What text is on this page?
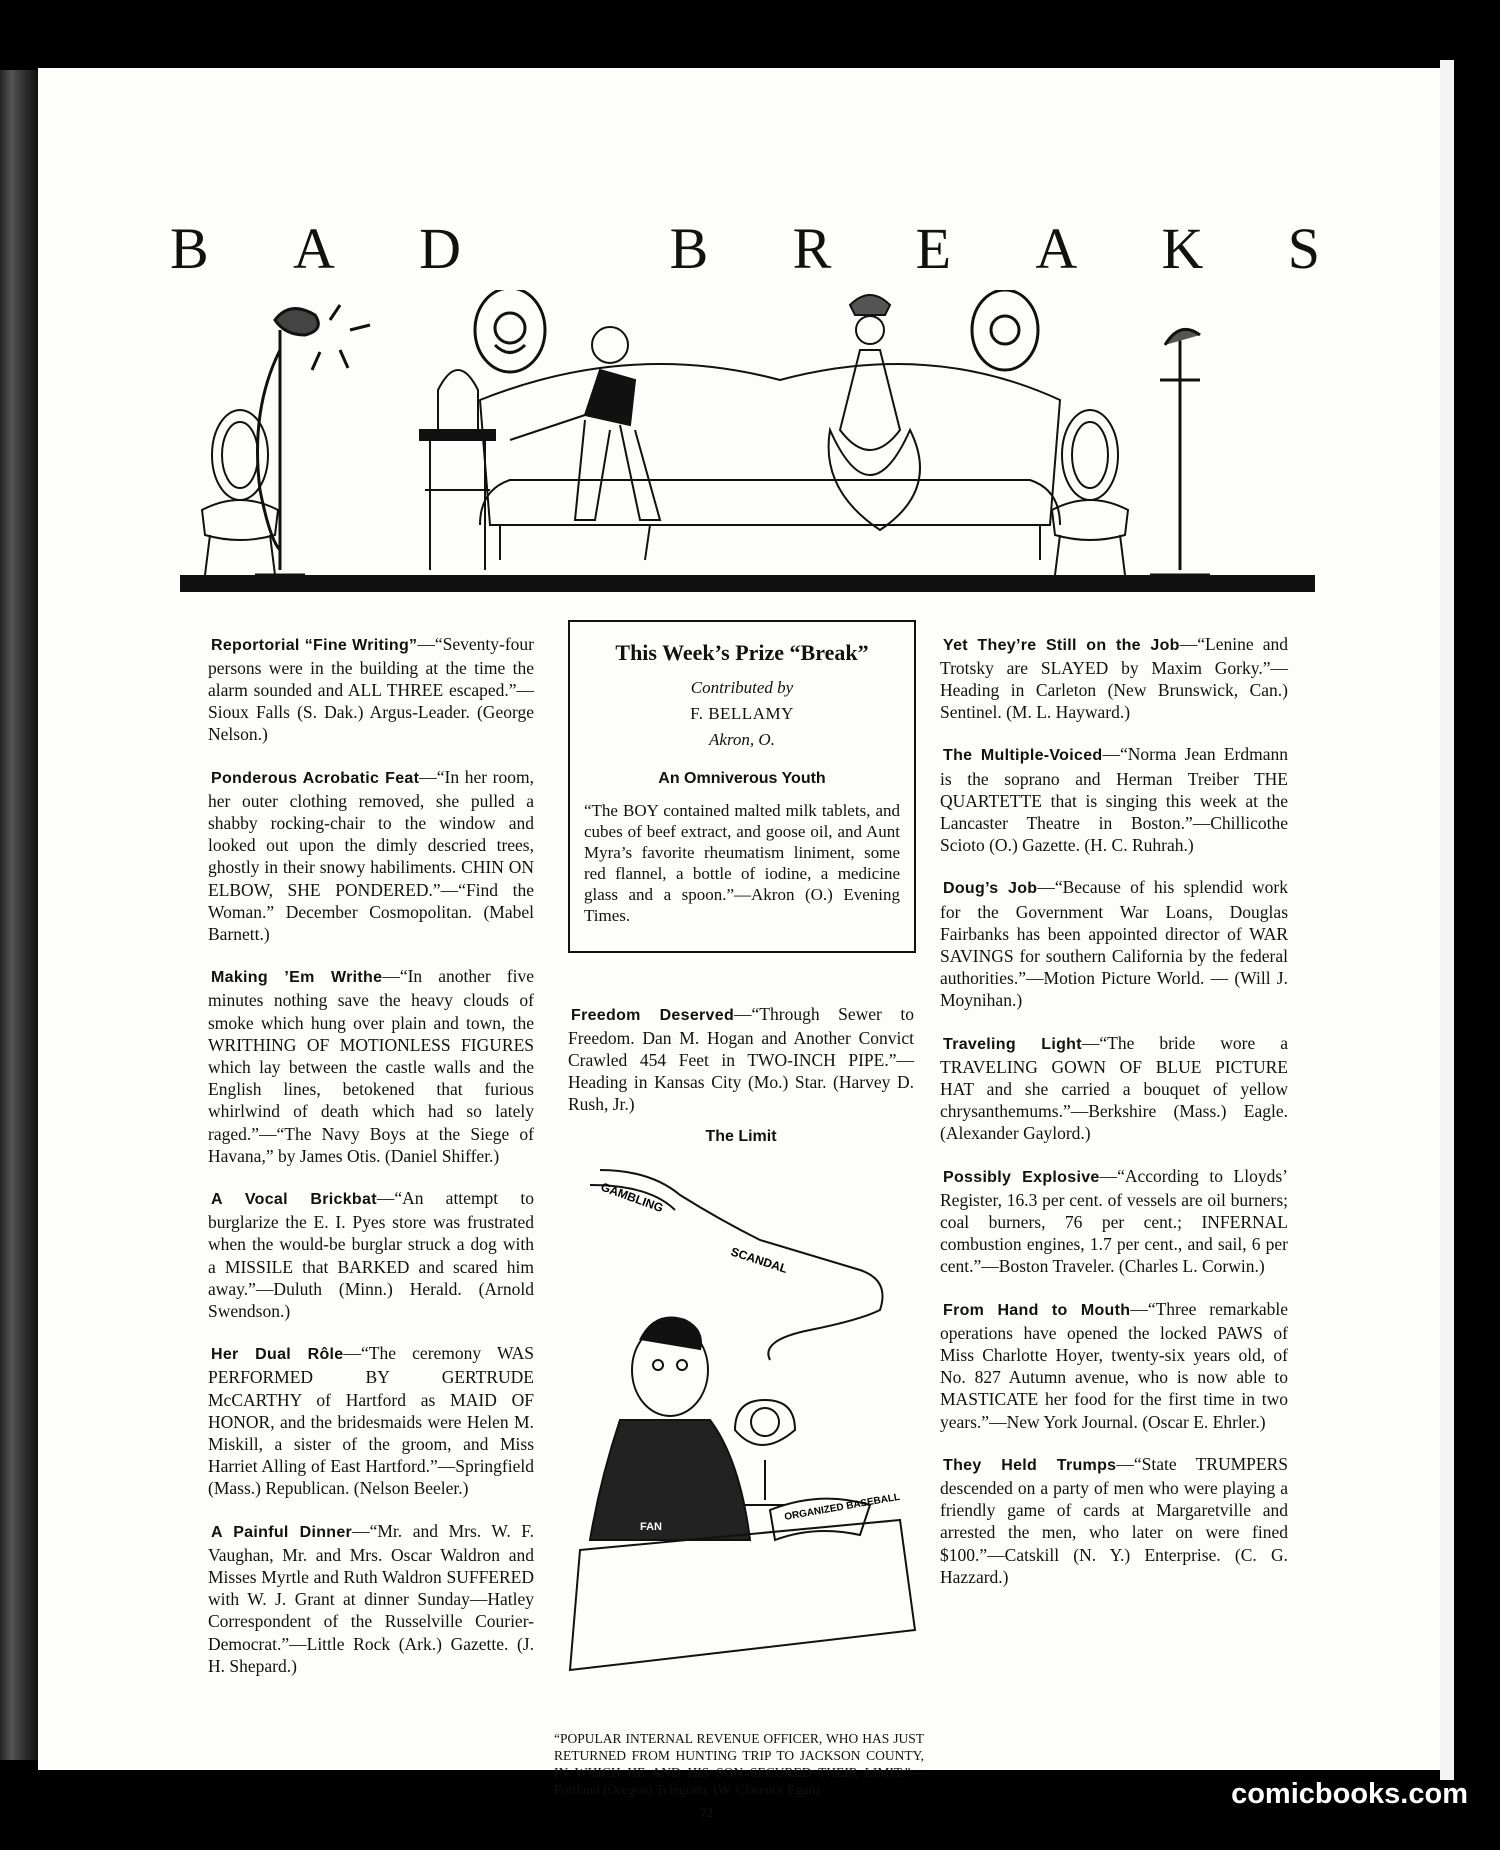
B A D	B R E A K S

Reportorial “Fine Writing”—“Seventy-four persons were in the building at the time the alarm sounded and ALL THREE escaped.”—Sioux Falls (S. Dak.) Argus-Leader. (George Nelson.)

Ponderous Acrobatic Feat—“In her room, her outer clothing removed, she pulled a shabby rocking-chair to the window and looked out upon the dimly descried trees, ghostly in their snowy habiliments. CHIN ON ELBOW, SHE PONDERED.”—“Find the Woman.” December Cosmopolitan. (Mabel Barnett.)

Making ’Em Writhe—“In another five minutes nothing save the heavy clouds of smoke which hung over plain and town, the WRITHING OF MOTIONLESS FIGURES which lay between the castle walls and the English lines, betokened that furious whirlwind of death which had so lately raged.”—“The Navy Boys at the Siege of Havana,” by James Otis. (Daniel Shiffer.)

A Vocal Brickbat—“An attempt to burglarize the E. I. Pyes store was frustrated when the would-be burglar struck a dog with a MISSILE that BARKED and scared him away.”—Duluth (Minn.) Herald. (Arnold Swendson.)

Her Dual Rôle—“The ceremony WAS PERFORMED BY GERTRUDE McCARTHY of Hartford as MAID OF HONOR, and the bridesmaids were Helen M. Miskill, a sister of the groom, and Miss Harriet Alling of East Hartford.”—Springfield (Mass.) Republican. (Nelson Beeler.)

A Painful Dinner—“Mr. and Mrs. W. F. Vaughan, Mr. and Mrs. Oscar Waldron and Misses Myrtle and Ruth Waldron SUFFERED with W. J. Grant at dinner Sunday—Hatley Correspondent of the Russelville Courier-Democrat.”—Little Rock (Ark.) Gazette. (J. H. Shepard.)

This Week’s Prize “Break”
Contributed by
F. BELLAMY
Akron, O.
An Omniverous Youth
“The BOY contained malted milk tablets, and cubes of beef extract, and goose oil, and Aunt Myra’s favorite rheumatism liniment, some red flannel, a bottle of iodine, a medicine glass and a spoon.”—Akron (O.) Evening Times.

Freedom Deserved—“Through Sewer to Freedom. Dan M. Hogan and Another Convict Crawled 454 Feet in TWO-INCH PIPE.”—Heading in Kansas City (Mo.) Star. (Harvey D. Rush, Jr.)

The Limit
GAMBLING
SCANDAL
FAN
ORGANIZED BASEBALL
“POPULAR INTERNAL REVENUE OFFICER, WHO HAS JUST RETURNED FROM HUNTING TRIP TO JACKSON COUNTY, IN WHICH HE AND HIS SON SECURED THEIR LIMIT.”—Portland (Oregon) Telegram. (W. Clarence Egan)

Yet They’re Still on the Job—“Lenine and Trotsky are SLAYED by Maxim Gorky.”—Heading in Carleton (New Brunswick, Can.) Sentinel. (M. L. Hayward.)

The Multiple-Voiced—“Norma Jean Erdmann is the soprano and Herman Treiber THE QUARTETTE that is singing this week at the Lancaster Theatre in Boston.”—Chillicothe Scioto (O.) Gazette. (H. C. Ruhrah.)

Doug’s Job—“Because of his splendid work for the Government War Loans, Douglas Fairbanks has been appointed director of WAR SAVINGS for southern California by the federal authorities.”—Motion Picture World. — (Will J. Moynihan.)

Traveling Light—“The bride wore a TRAVELING GOWN OF BLUE PICTURE HAT and she carried a bouquet of yellow chrysanthemums.”—Berkshire (Mass.) Eagle. (Alexander Gaylord.)

Possibly Explosive—“According to Lloyds’ Register, 16.3 per cent. of vessels are oil burners; coal burners, 76 per cent.; INFERNAL combustion engines, 1.7 per cent., and sail, 6 per cent.”—Boston Traveler. (Charles L. Corwin.)

From Hand to Mouth—“Three remarkable operations have opened the locked PAWS of Miss Charlotte Hoyer, twenty-six years old, of No. 827 Autumn avenue, who is now able to MASTICATE her food for the first time in two years.”—New York Journal. (Oscar E. Ehrler.)

They Held Trumps—“State TRUMPERS descended on a party of men who were playing a friendly game of cards at Margaretville and arrested the men, who later on were fined $100.”—Catskill (N. Y.) Enterprise. (C. G. Hazzard.)

72
comicbooks.com
